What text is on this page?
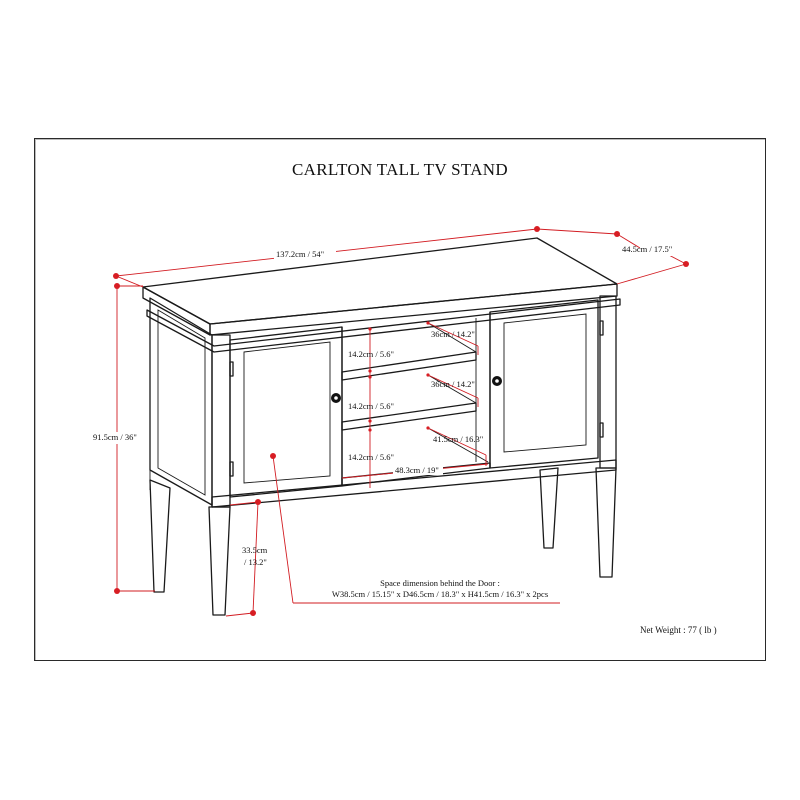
CARLTON TALL TV STAND
137.2cm / 54"	44.5cm / 17.5"
91.5cm / 36"
33.5cm
/ 13.2"
14.2cm / 5.6"
14.2cm / 5.6"
14.2cm / 5.6"
36cm / 14.2"
36cm / 14.2"
41.5cm / 16.3"
48.3cm / 19"
Space dimension behind the Door :
W38.5cm / 15.15" x D46.5cm / 18.3" x H41.5cm / 16.3" x 2pcs
Net Weight : 77 ( lb )
